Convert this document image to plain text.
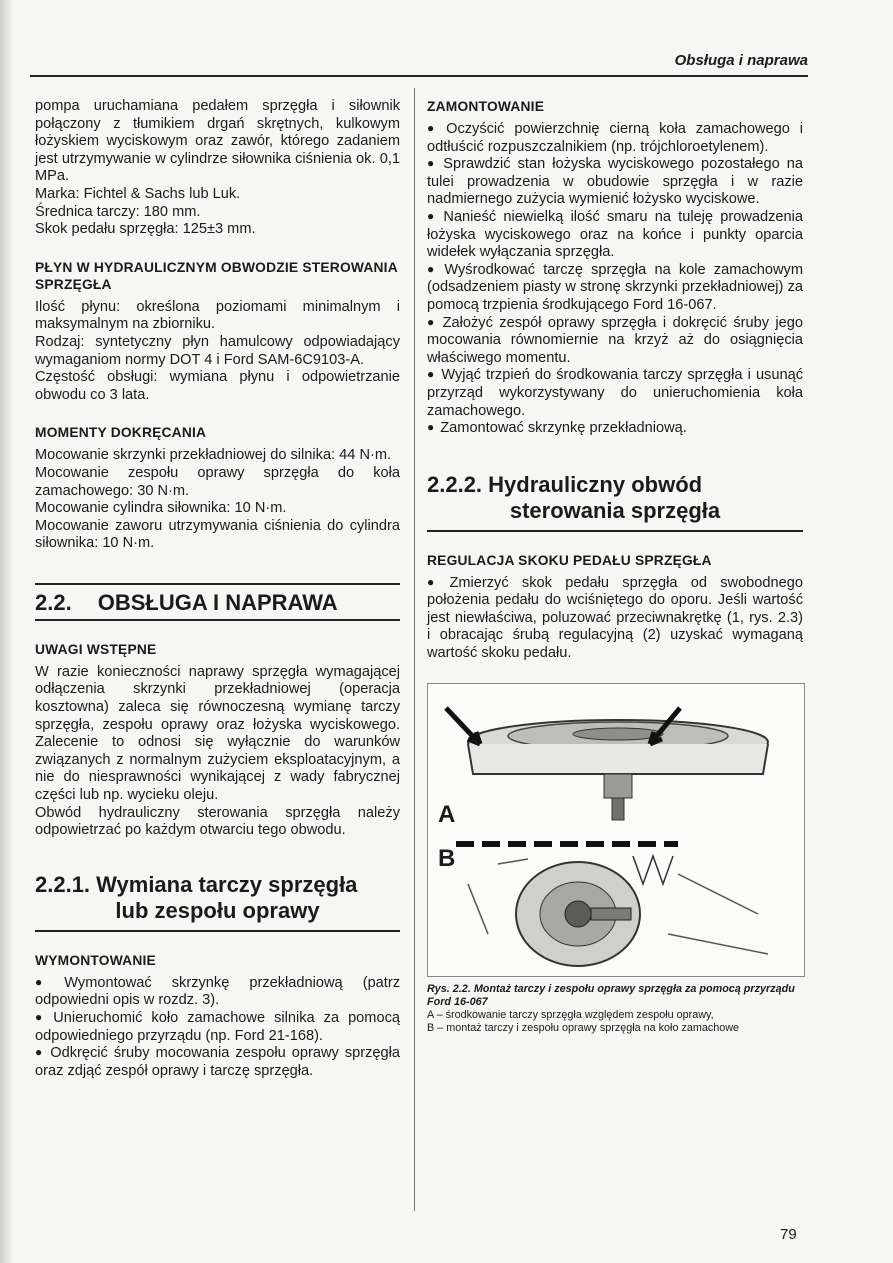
Obsługa i naprawa

pompa uruchamiana pedałem sprzęgła i siłownik połączony z tłumikiem drgań skrętnych, kulkowym łożyskiem wyciskowym oraz zawór, którego zadaniem jest utrzymywanie w cylindrze siłownika ciśnienia ok. 0,1 MPa.

Marka: Fichtel & Sachs lub Luk.

Średnica tarczy: 180 mm.

Skok pedału sprzęgła: 125±3 mm.

PŁYN W HYDRAULICZNYM OBWODZIE STEROWANIA SPRZĘGŁA

Ilość płynu: określona poziomami minimalnym i maksymalnym na zbiorniku.

Rodzaj: syntetyczny płyn hamulcowy odpowiadający wymaganiom normy DOT 4 i Ford SAM-6C9103-A.

Częstość obsługi: wymiana płynu i odpowietrzanie obwodu co 3 lata.

MOMENTY DOKRĘCANIA

Mocowanie skrzynki przekładniowej do silnika: 44 N·m.

Mocowanie zespołu oprawy sprzęgła do koła zamachowego: 30 N·m.

Mocowanie cylindra siłownika: 10 N·m.

Mocowanie zaworu utrzymywania ciśnienia do cylindra siłownika: 10 N·m.

2.2. OBSŁUGA I NAPRAWA
UWAGI WSTĘPNE

W razie konieczności naprawy sprzęgła wymagającej odłączenia skrzynki przekładniowej (operacja kosztowna) zaleca się równoczesną wymianę tarczy sprzęgła, zespołu oprawy oraz łożyska wyciskowego. Zalecenie to odnosi się wyłącznie do warunków związanych z normalnym zużyciem eksploatacyjnym, a nie do niesprawności wynikającej z wady fabrycznej części lub np. wycieku oleju.

Obwód hydrauliczny sterowania sprzęgła należy odpowietrzać po każdym otwarciu tego obwodu.

2.2.1. Wymiana tarczy sprzęgła
lub zespołu oprawy
WYMONTOWANIE

● Wymontować skrzynkę przekładniową (patrz odpowiedni opis w rozdz. 3).

● Unieruchomić koło zamachowe silnika za pomocą odpowiedniego przyrządu (np. Ford 21-168).

● Odkręcić śruby mocowania zespołu oprawy sprzęgła oraz zdjąć zespół oprawy i tarczę sprzęgła.

ZAMONTOWANIE

● Oczyścić powierzchnię cierną koła zamachowego i odtłuścić rozpuszczalnikiem (np. trójchloroetylenem).

● Sprawdzić stan łożyska wyciskowego pozostałego na tulei prowadzenia w obudowie sprzęgła i w razie nadmiernego zużycia wymienić łożysko wyciskowe.

● Nanieść niewielką ilość smaru na tuleję prowadzenia łożyska wyciskowego oraz na końce i punkty oparcia widełek wyłączania sprzęgła.

● Wyśrodkować tarczę sprzęgła na kole zamachowym (odsadzeniem piasty w stronę skrzynki przekładniowej) za pomocą trzpienia środkującego Ford 16-067.

● Założyć zespół oprawy sprzęgła i dokręcić śruby jego mocowania równomiernie na krzyż aż do osiągnięcia właściwego momentu.

● Wyjąć trzpień do środkowania tarczy sprzęgła i usunąć przyrząd wykorzystywany do unieruchomienia koła zamachowego.

● Zamontować skrzynkę przekładniową.

2.2.2. Hydrauliczny obwód
sterowania sprzęgła
REGULACJA SKOKU PEDAŁU SPRZĘGŁA

● Zmierzyć skok pedału sprzęgła od swobodnego położenia pedału do wciśniętego do oporu. Jeśli wartość jest niewłaściwa, poluzować przeciwnakrętkę (1, rys. 2.3) i obracając śrubą regulacyjną (2) uzyskać wymaganą wartość skoku pedału.

A
B
Rys. 2.2. Montaż tarczy i zespołu oprawy sprzęgła za pomocą przyrządu Ford 16-067
A – środkowanie tarczy sprzęgła względem zespołu oprawy,
B – montaż tarczy i zespołu oprawy sprzęgła na koło zamachowe
79
